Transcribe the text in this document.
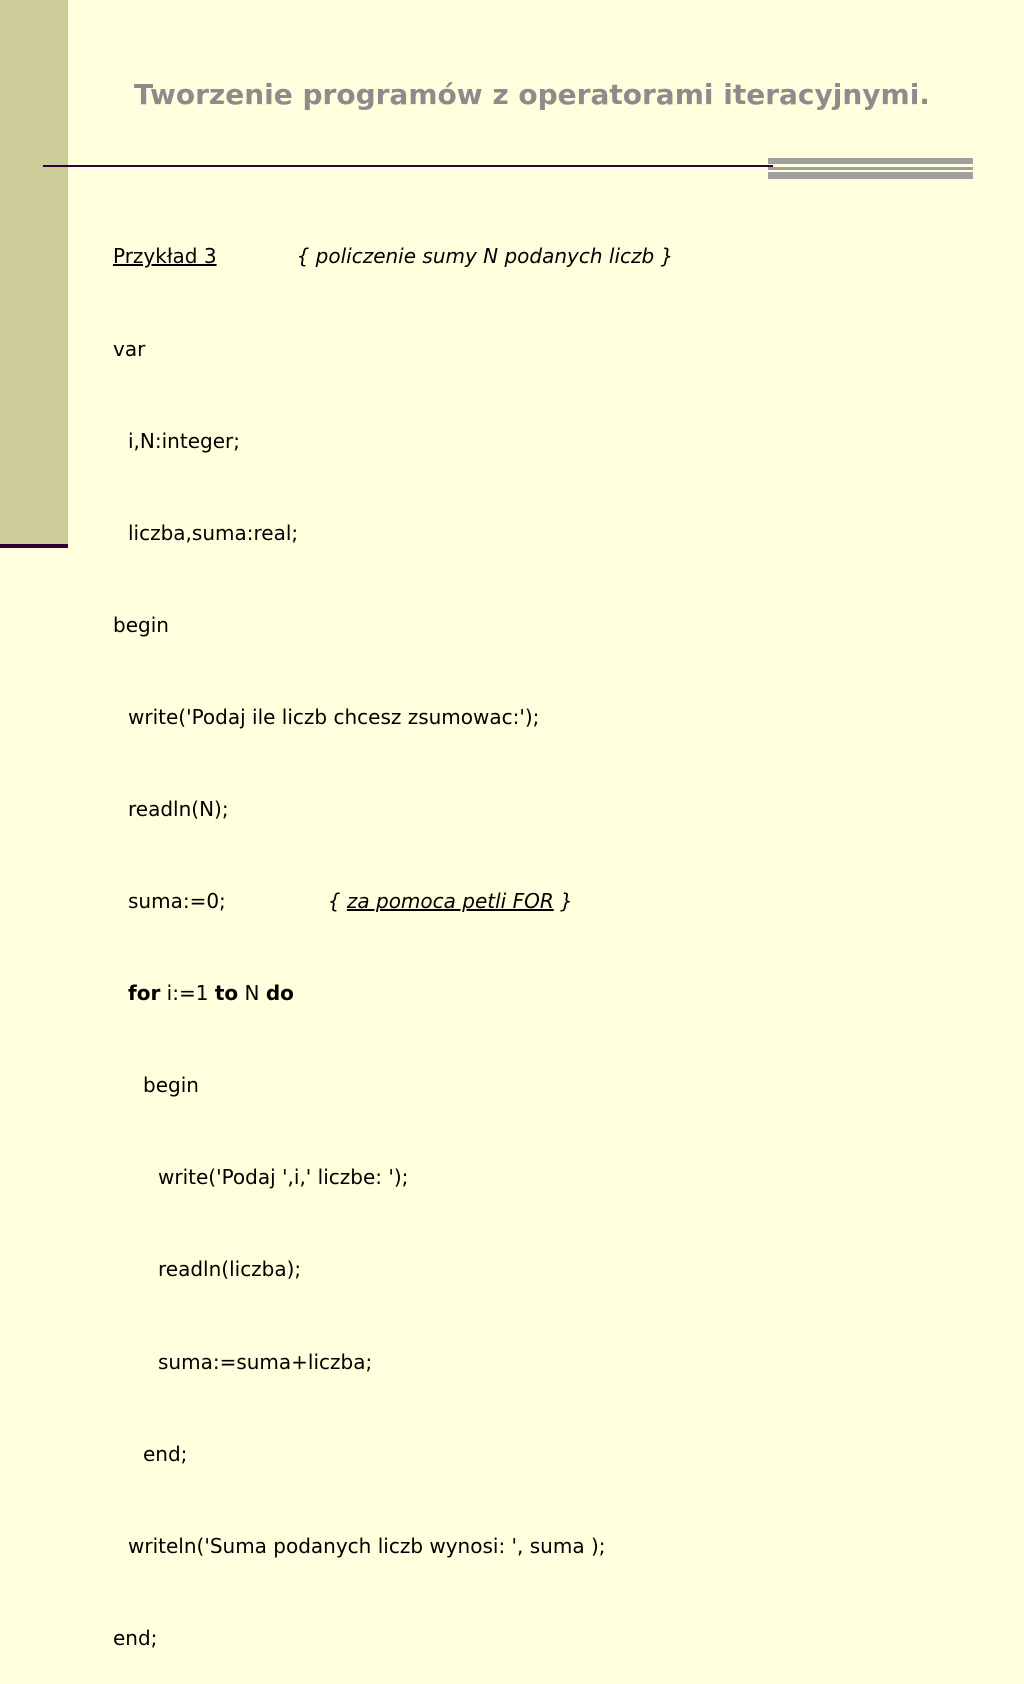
Tworzenie programów z operatorami iteracyjnymi.

Przykład 3	{ policzenie sumy N podanych liczb }

var

i,N:integer;

liczba,suma:real;

begin

write('Podaj ile liczb chcesz zsumowac:');

readln(N);

suma:=0;	{ za pomoca petli FOR }

for i:=1 to N do

begin

write('Podaj ',i,' liczbe: ');

readln(liczba);

suma:=suma+liczba;

end;

writeln('Suma podanych liczb wynosi: ', suma );

end;
